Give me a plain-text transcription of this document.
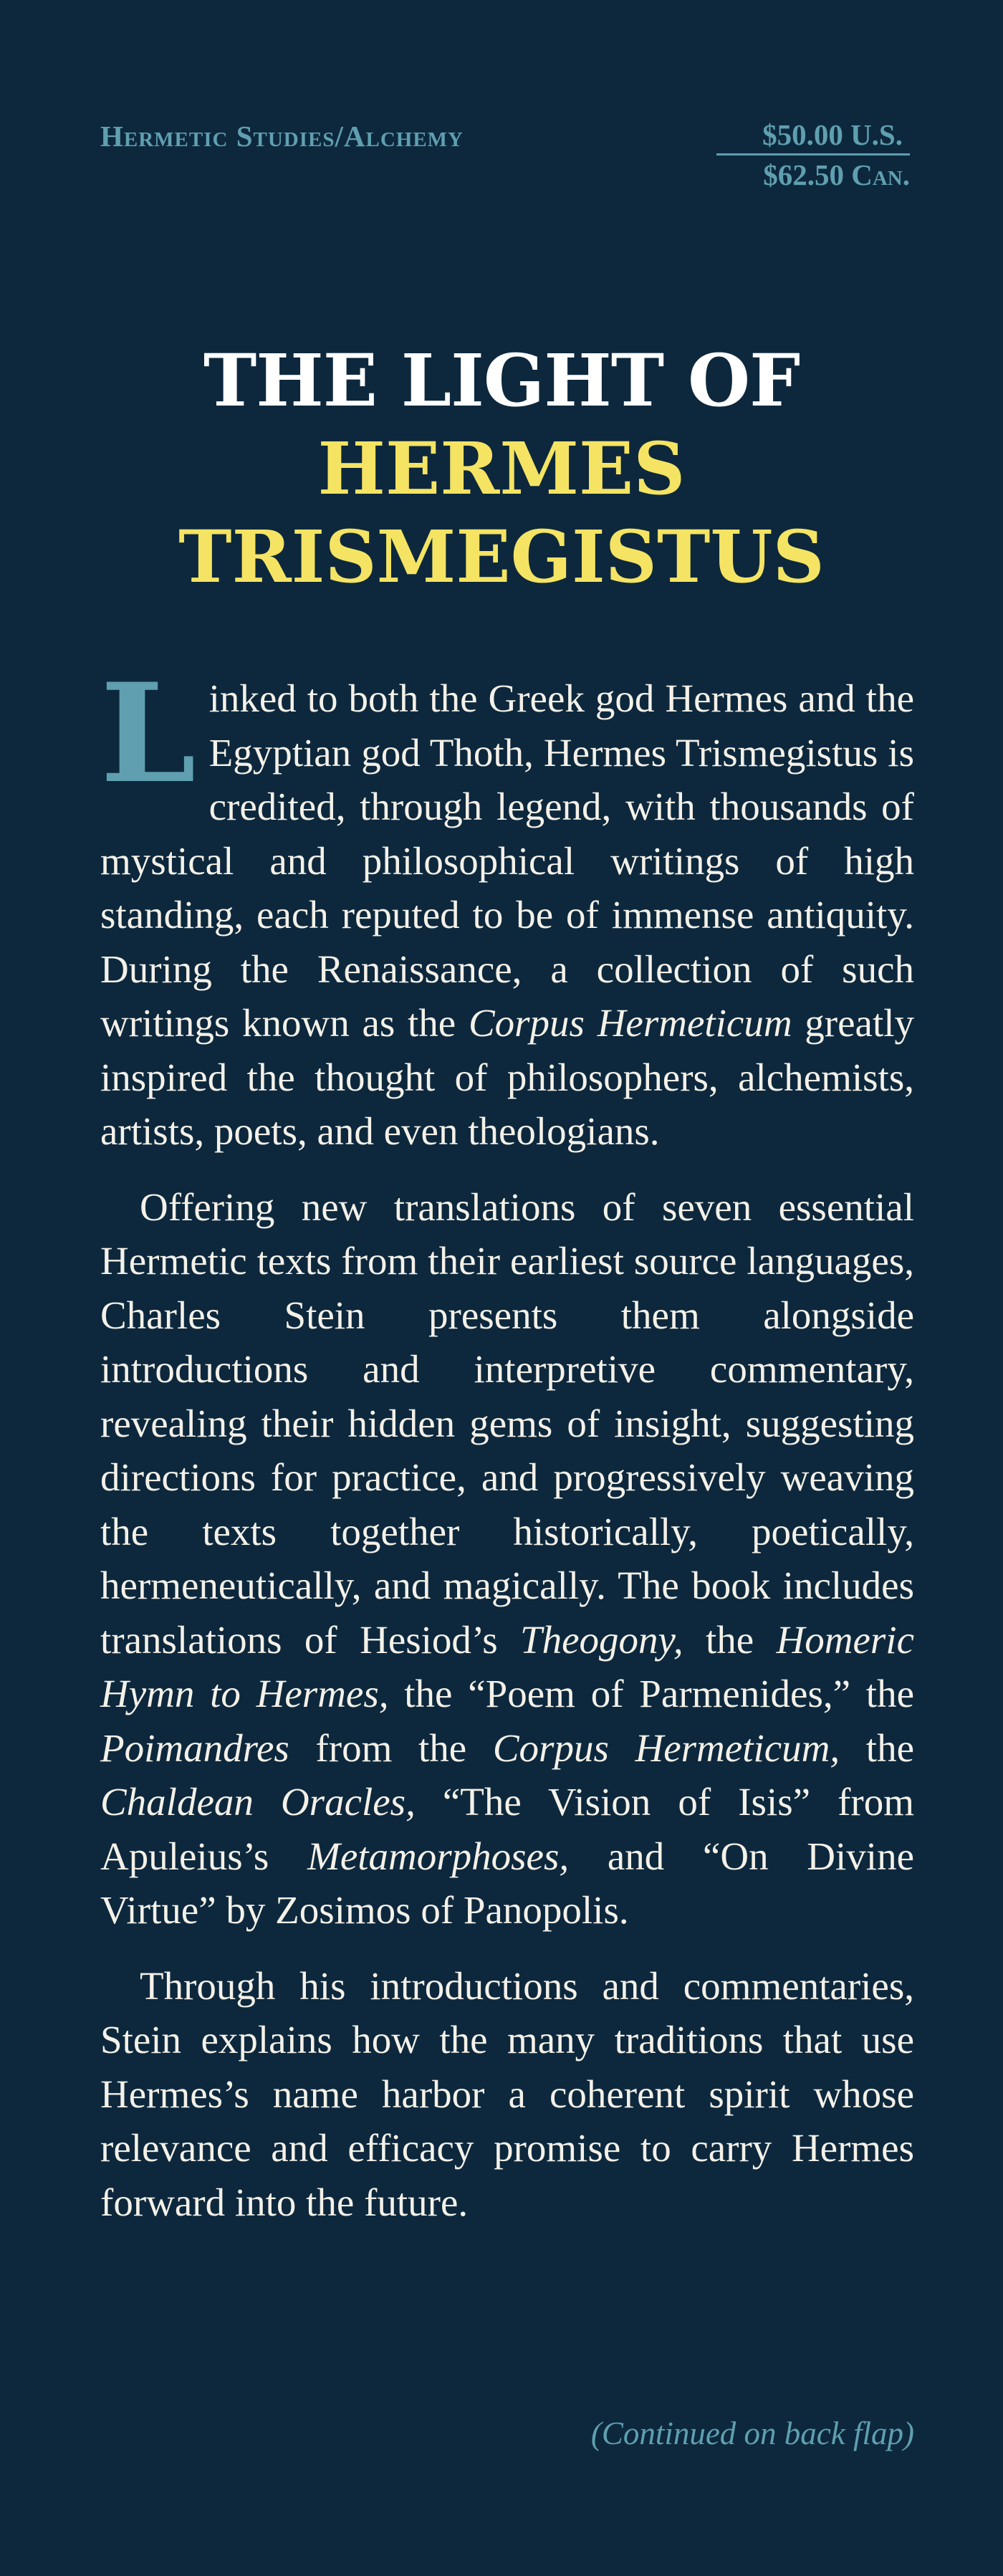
Hermetic Studies/Alchemy	$50.00 U.S.
$62.50 Can.
THE LIGHT OF
HERMES
TRISMEGISTUS

Linked to both the Greek god Hermes and the Egyptian god Thoth, Hermes Trismegistus is credited, through legend, with thousands of mystical and philosophical writings of high standing, each reputed to be of immense antiquity. During the Renaissance, a collection of such writings known as the Corpus Hermeticum greatly inspired the thought of philosophers, alchemists, artists, poets, and even theologians.

Offering new translations of seven essential Hermetic texts from their earliest source languages, Charles Stein presents them alongside introductions and interpretive commentary, revealing their hidden gems of insight, suggesting directions for practice, and progressively weaving the texts together historically, poetically, hermeneutically, and magically. The book includes translations of Hesiod’s Theogony, the Homeric Hymn to Hermes, the “Poem of Parmenides,” the Poimandres from the Corpus Hermeticum, the Chaldean Oracles, “The Vision of Isis” from Apuleius’s Metamorphoses, and “On Divine Virtue” by Zosimos of Panopolis.

Through his introductions and commentaries, Stein explains how the many traditions that use Hermes’s name harbor a coherent spirit whose relevance and efficacy promise to carry Hermes forward into the future.

(Continued on back flap)
